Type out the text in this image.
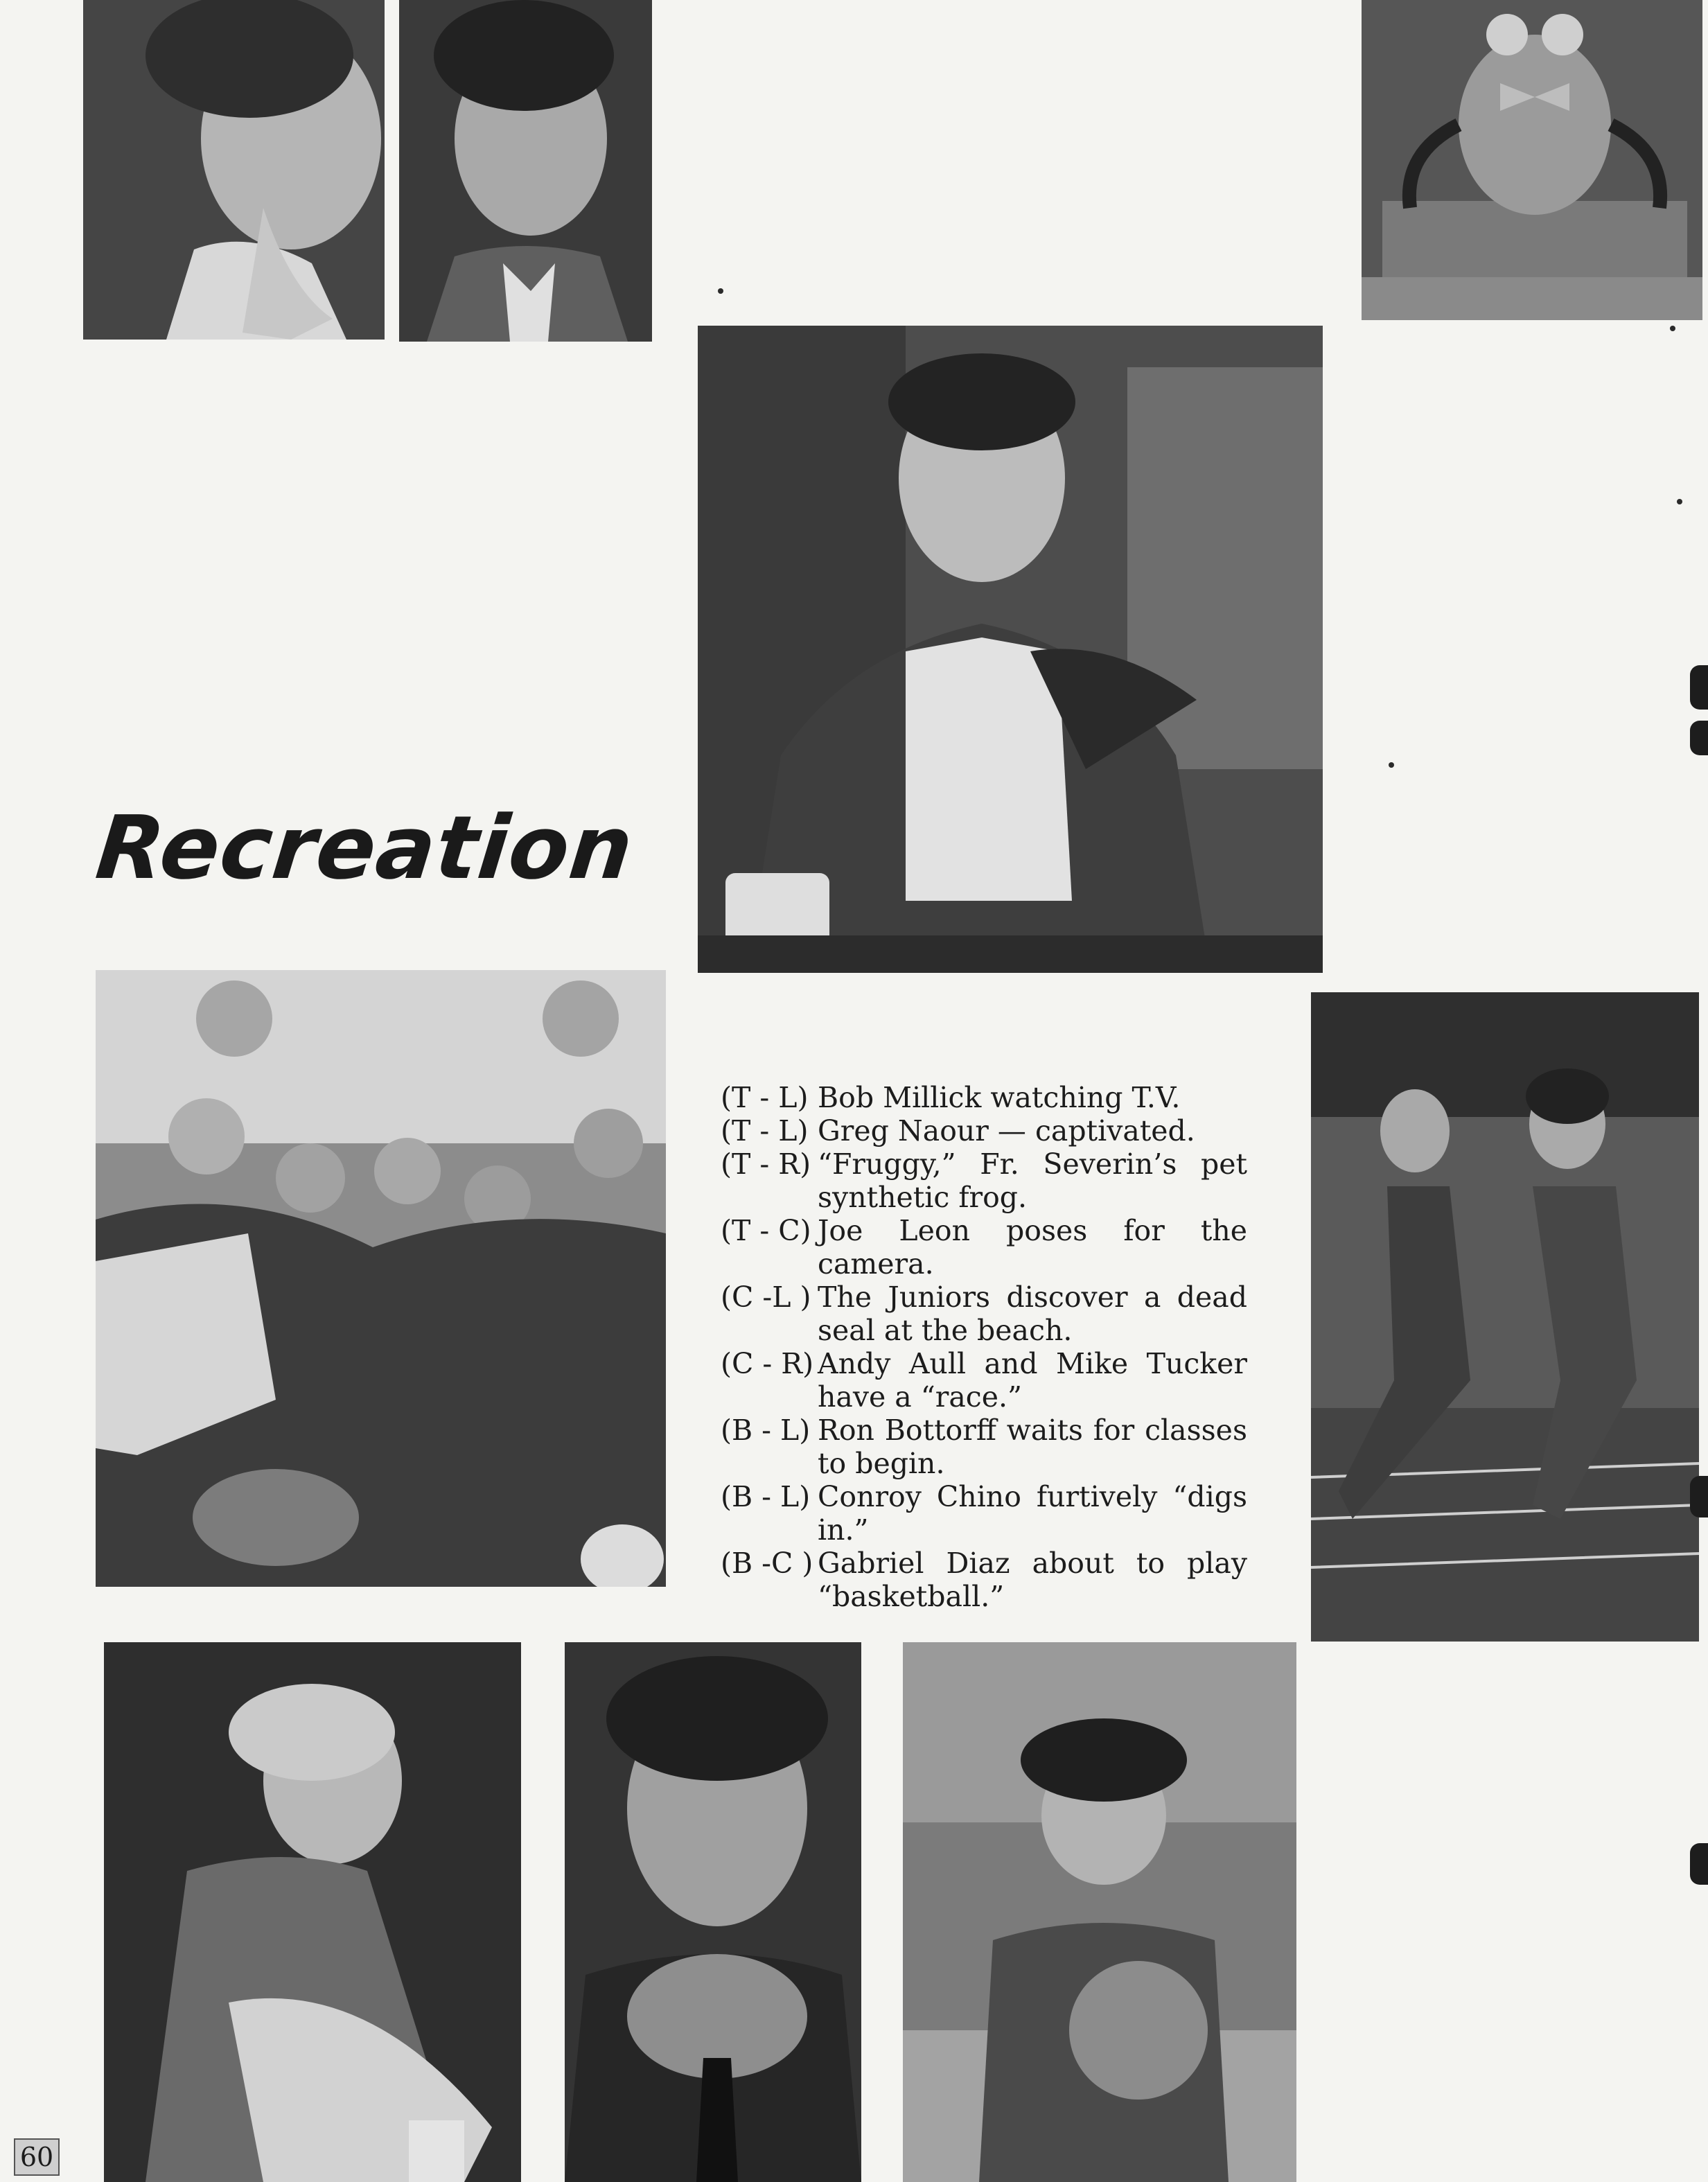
Recreation
(T - L) Bob Millick watching T.V.
(T - L) Greg Naour — captivated.
(T - R) “Fruggy,” Fr. Severin’s pet synthetic frog.
(T - C) Joe Leon poses for the camera.
(C -L ) The Juniors discover a dead seal at the beach.
(C - R) Andy Aull and Mike Tucker have a “race.”
(B - L) Ron Bottorff waits for classes to begin.
(B - L) Conroy Chino furtively “digs in.”
(B -C ) Gabriel Diaz about to play “basketball.”
60
